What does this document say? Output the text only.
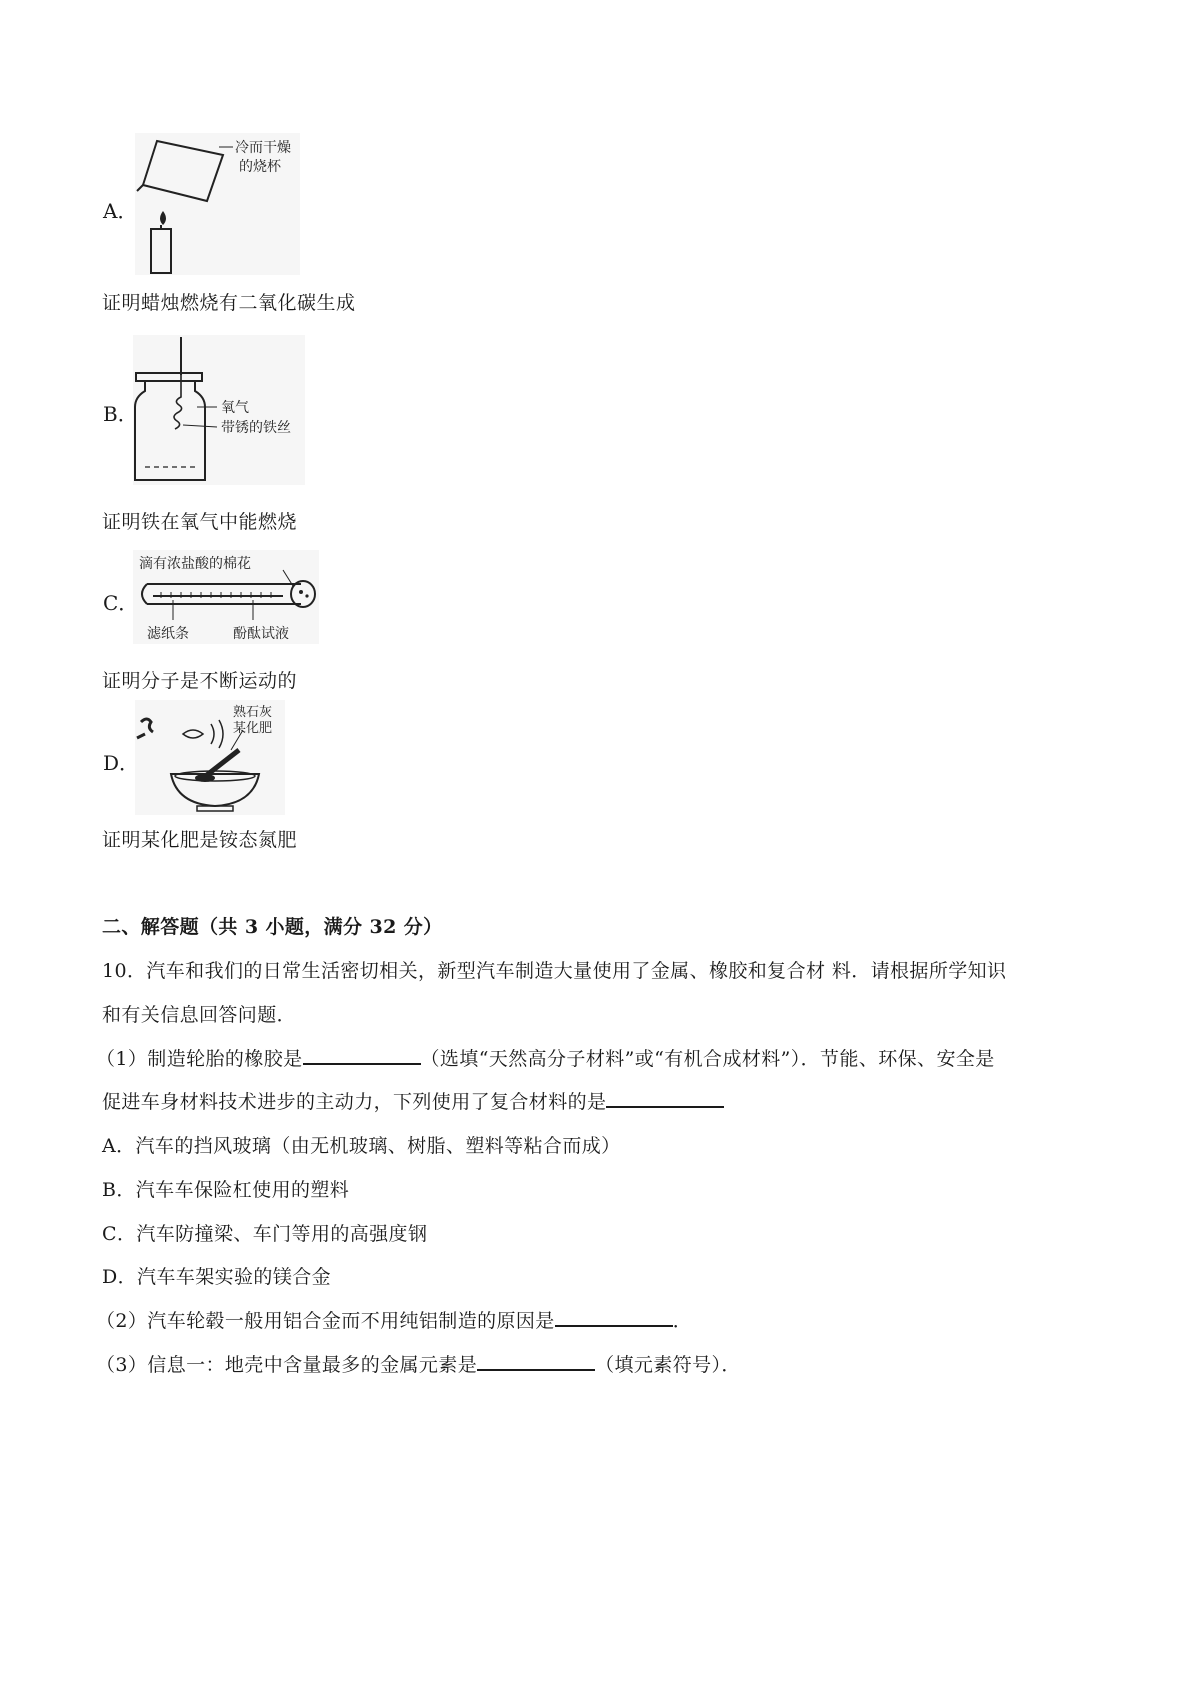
A．
冷而干燥
的烧杯
证明蜡烛燃烧有二氧化碳生成
B．	氧气
带锈的铁丝
证明铁在氧气中能燃烧
C．
滴有浓盐酸的棉花
滤纸条	酚酞试液
证明分子是不断运动的
D．
熟石灰
某化肥
证明某化肥是铵态氮肥
二、解答题（共 3 小题，满分 32 分）
10．汽车和我们的日常生活密切相关，新型汽车制造大量使用了金属、橡胶和复合材 料．请根据所学知识
和有关信息回答问题．
（1）制造轮胎的橡胶是	（选填“天然高分子材料”或“有机合成材料”）．节能、环保、安全是
促进车身材料技术进步的主动力，下列使用了复合材料的是
A．汽车的挡风玻璃（由无机玻璃、树脂、塑料等粘合而成）
B．汽车车保险杠使用的塑料
C．汽车防撞梁、车门等用的高强度钢
D．汽车车架实验的镁合金
（2）汽车轮毂一般用铝合金而不用纯铝制造的原因是	．
（3）信息一：地壳中含量最多的金属元素是	（填元素符号）．
